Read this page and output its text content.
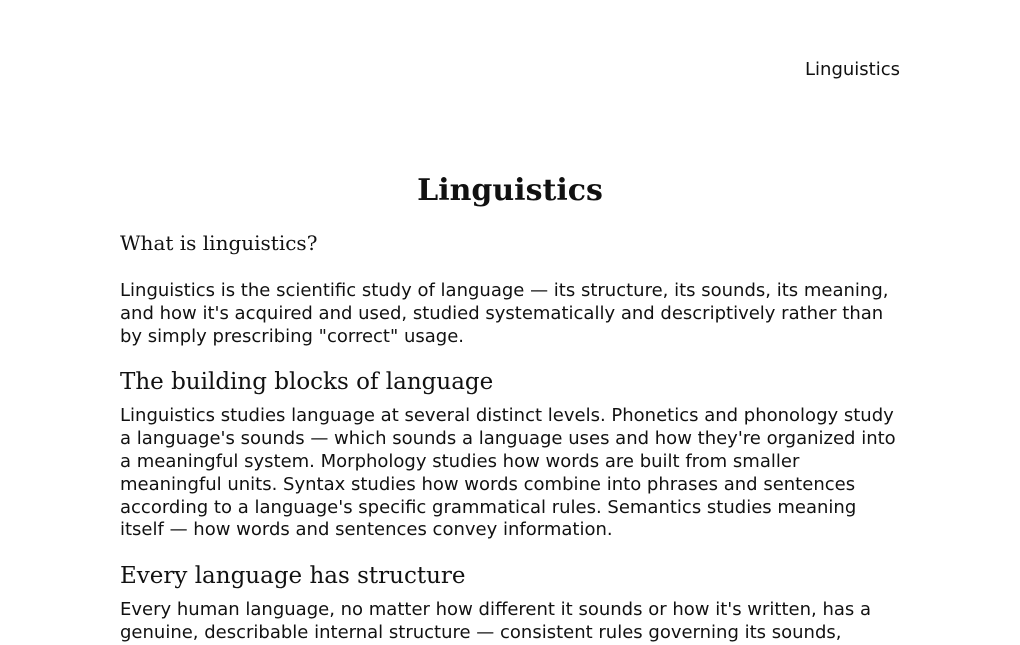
Linguistics
Linguistics
What is linguistics?

Linguistics is the scientific study of language — its structure, its sounds, its meaning, and how it's acquired and used, studied systematically and descriptively rather than by simply prescribing "correct" usage.

The building blocks of language

Linguistics studies language at several distinct levels. Phonetics and phonology study a language's sounds — which sounds a language uses and how they're organized into a meaningful system. Morphology studies how words are built from smaller meaningful units. Syntax studies how words combine into phrases and sentences according to a language's specific grammatical rules. Semantics studies meaning itself — how words and sentences convey information.

Every language has structure

Every human language, no matter how different it sounds or how it's written, has a genuine, describable internal structure — consistent rules governing its sounds,
